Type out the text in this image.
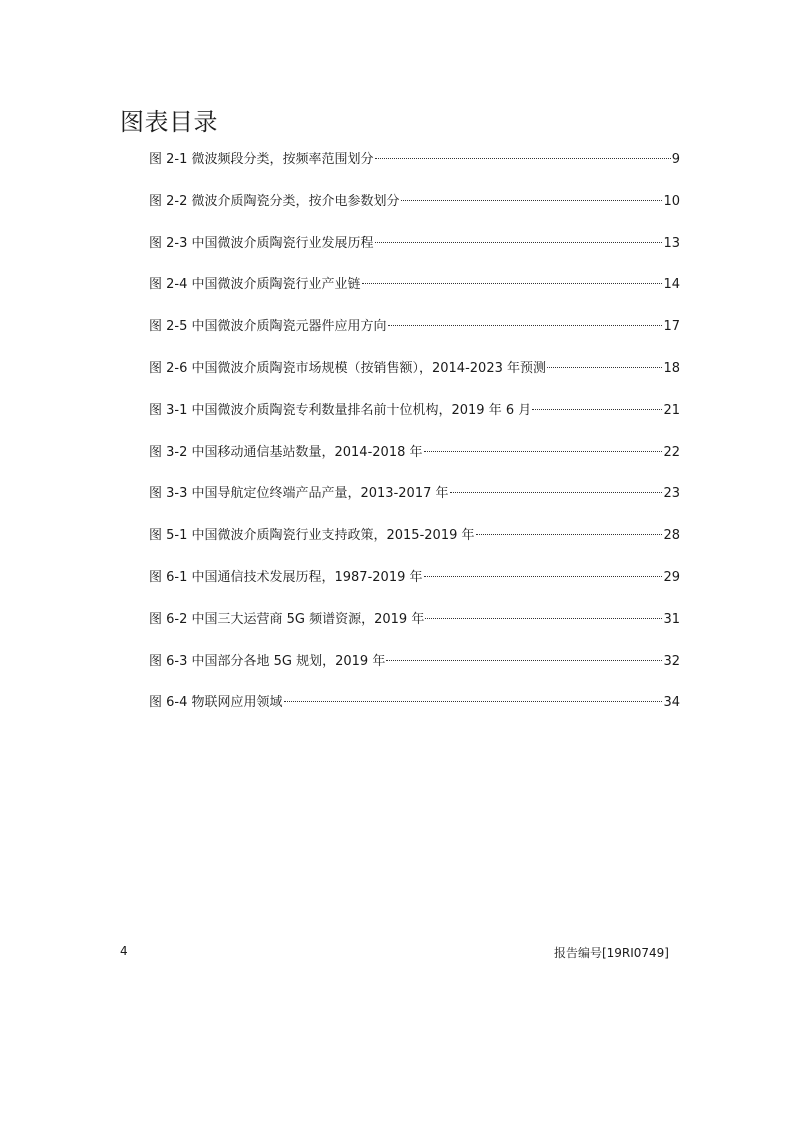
图表目录
图 2-1 微波频段分类，按频率范围划分	9
图 2-2 微波介质陶瓷分类，按介电参数划分	10
图 2-3 中国微波介质陶瓷行业发展历程	13
图 2-4 中国微波介质陶瓷行业产业链	14
图 2-5 中国微波介质陶瓷元器件应用方向	17
图 2-6 中国微波介质陶瓷市场规模（按销售额），2014-2023 年预测	18
图 3-1 中国微波介质陶瓷专利数量排名前十位机构，2019 年 6 月	21
图 3-2 中国移动通信基站数量，2014-2018 年	22
图 3-3 中国导航定位终端产品产量，2013-2017 年	23
图 5-1 中国微波介质陶瓷行业支持政策，2015-2019 年	28
图 6-1 中国通信技术发展历程，1987-2019 年	29
图 6-2 中国三大运营商 5G 频谱资源，2019 年	31
图 6-3 中国部分各地 5G 规划，2019 年	32
图 6-4 物联网应用领域	34
4	报告编号[19RI0749]
